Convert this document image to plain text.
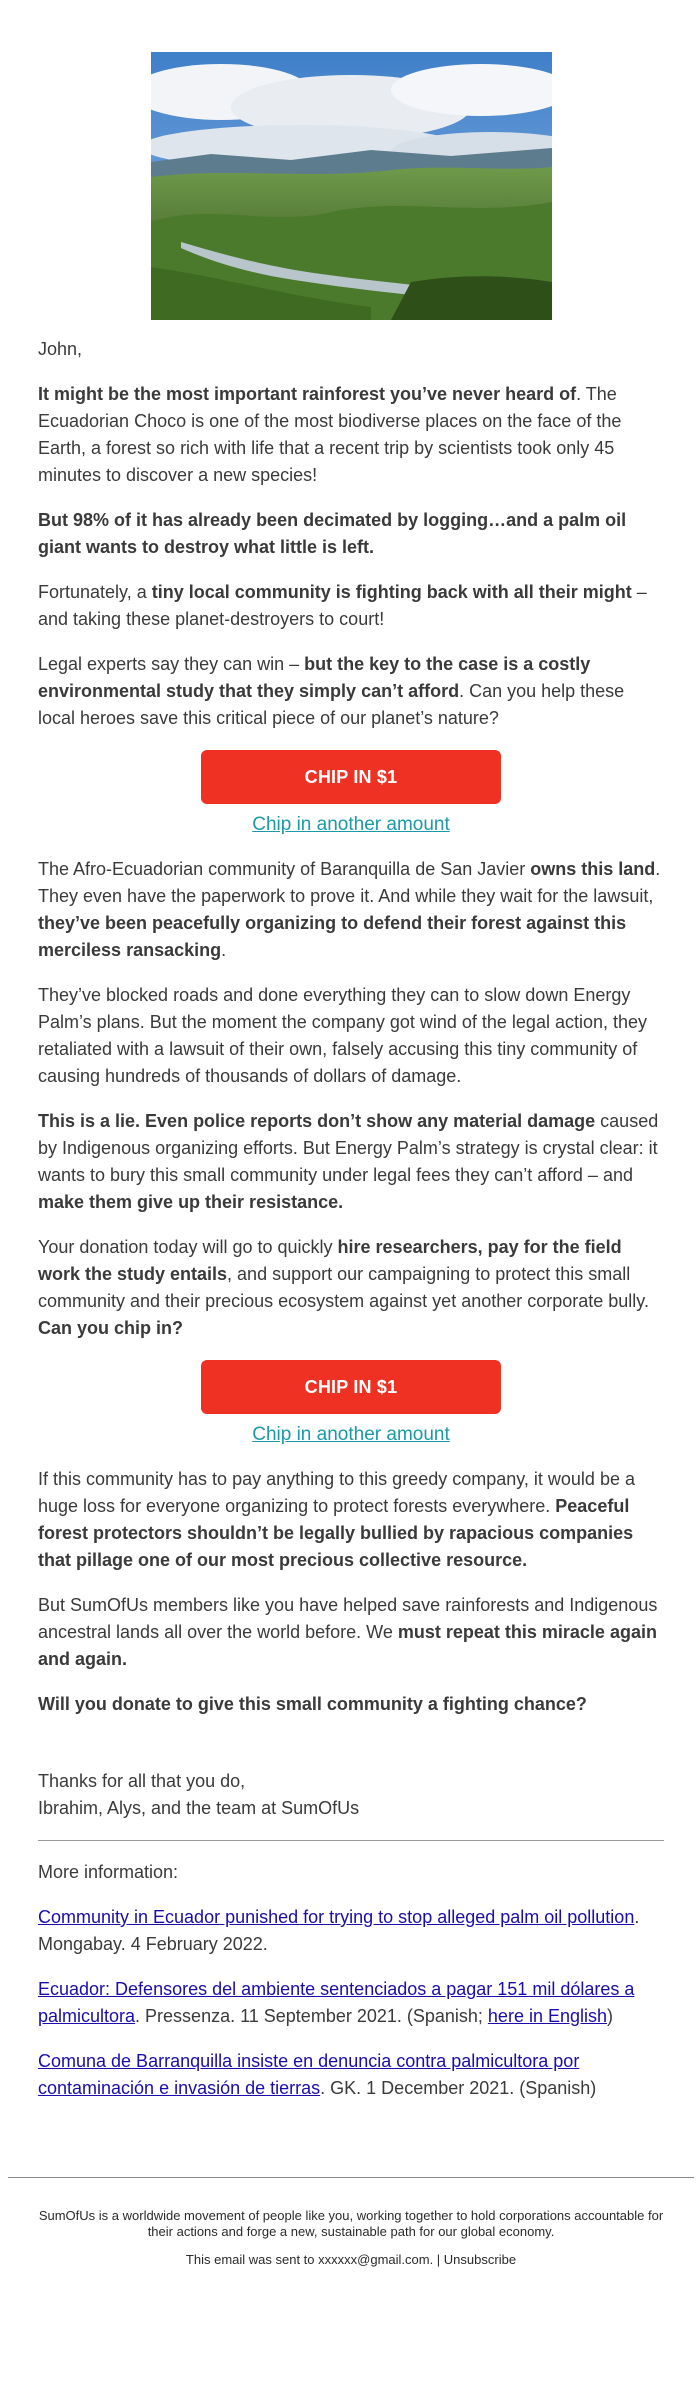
John,

It might be the most important rainforest you’ve never heard of. The Ecuadorian Choco is one of the most biodiverse places on the face of the Earth, a forest so rich with life that a recent trip by scientists took only 45 minutes to discover a new species!

But 98% of it has already been decimated by logging…and a palm oil giant wants to destroy what little is left.

Fortunately, a tiny local community is fighting back with all their might – and taking these planet-destroyers to court!

Legal experts say they can win – but the key to the case is a costly environmental study that they simply can’t afford. Can you help these local heroes save this critical piece of our planet’s nature?

CHIP IN $1
Chip in another amount

The Afro-Ecuadorian community of Baranquilla de San Javier owns this land. They even have the paperwork to prove it. And while they wait for the lawsuit, they’ve been peacefully organizing to defend their forest against this merciless ransacking.

They’ve blocked roads and done everything they can to slow down Energy Palm’s plans. But the moment the company got wind of the legal action, they retaliated with a lawsuit of their own, falsely accusing this tiny community of causing hundreds of thousands of dollars of damage.

This is a lie. Even police reports don’t show any material damage caused by Indigenous organizing efforts. But Energy Palm’s strategy is crystal clear: it wants to bury this small community under legal fees they can’t afford – and make them give up their resistance.

Your donation today will go to quickly hire researchers, pay for the field work the study entails, and support our campaigning to protect this small community and their precious ecosystem against yet another corporate bully. Can you chip in?

CHIP IN $1
Chip in another amount

If this community has to pay anything to this greedy company, it would be a huge loss for everyone organizing to protect forests everywhere. Peaceful forest protectors shouldn’t be legally bullied by rapacious companies that pillage one of our most precious collective resource.

But SumOfUs members like you have helped save rainforests and Indigenous ancestral lands all over the world before. We must repeat this miracle again and again.

Will you donate to give this small community a fighting chance?

Thanks for all that you do,
Ibrahim, Alys, and the team at SumOfUs

More information:

Community in Ecuador punished for trying to stop alleged palm oil pollution. Mongabay. 4 February 2022.

Ecuador: Defensores del ambiente sentenciados a pagar 151 mil dólares a palmicultora. Pressenza. 11 September 2021. (Spanish; here in English)

Comuna de Barranquilla insiste en denuncia contra palmicultora por contaminación e invasión de tierras. GK. 1 December 2021. (Spanish)

SumOfUs is a worldwide movement of people like you, working together to hold corporations accountable for their actions and forge a new, sustainable path for our global economy.

This email was sent to xxxxxx@gmail.com. | Unsubscribe
